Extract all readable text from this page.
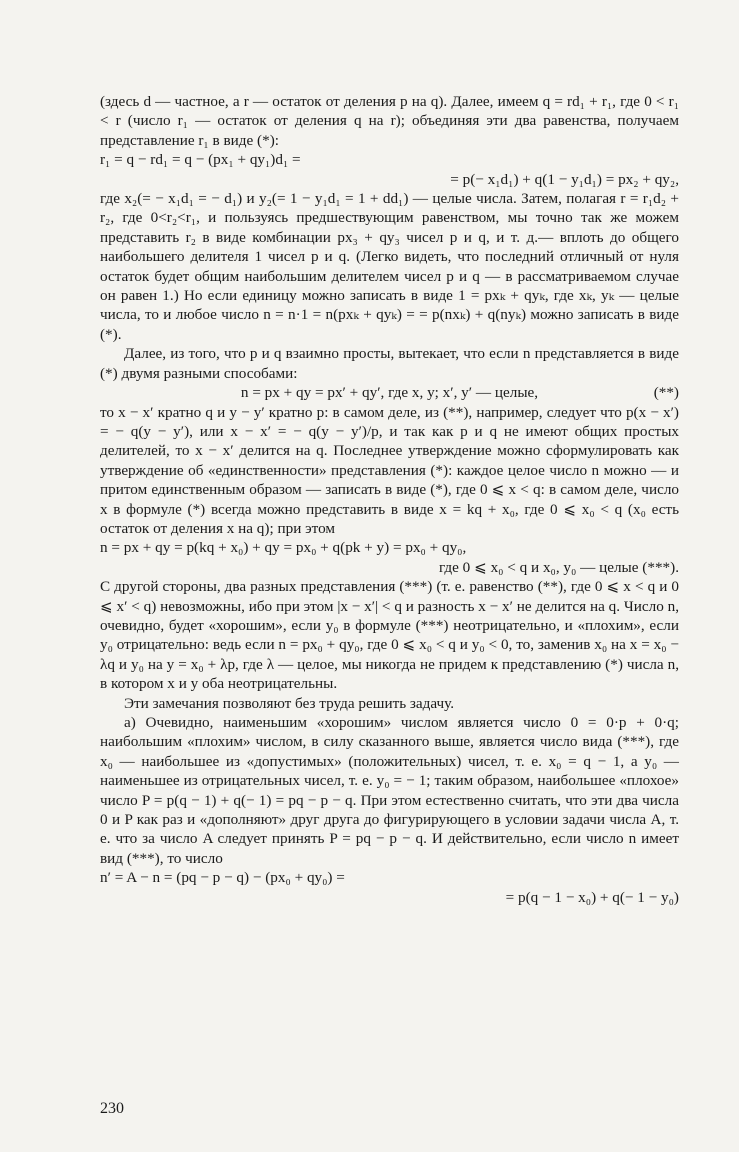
(здесь d — частное, а r — остаток от деления p на q). Далее, имеем q = rd₁ + r₁, где 0 < r₁ < r (число r₁ — остаток от деления q на r); объединяя эти два равенства, получаем представление r₁ в виде (*):

r₁ = q − rd₁ = q − (px₁ + qy₁)d₁ =
= p(− x₁d₁) + q(1 − y₁d₁) = px₂ + qy₂,

где x₂(= − x₁d₁ = − d₁) и y₂(= 1 − y₁d₁ = 1 + dd₁) — целые числа. Затем, полагая r = r₁d₂ + r₂, где 0<r₂<r₁, и пользуясь предшествующим равенством, мы точно так же можем представить r₂ в виде комбинации px₃ + qy₃ чисел p и q, и т. д.— вплоть до общего наибольшего делителя 1 чисел p и q. (Легко видеть, что последний отличный от нуля остаток будет общим наибольшим делителем чисел p и q — в рассматриваемом случае он равен 1.) Но если единицу можно записать в виде 1 = pxₖ + qyₖ, где xₖ, yₖ — целые числа, то и любое число n = n·1 = n(pxₖ + qyₖ) = = p(nxₖ) + q(nyₖ) можно записать в виде (*).

Далее, из того, что p и q взаимно просты, вытекает, что если n представляется в виде (*) двумя разными способами:

n = px + qy = px′ + qy′, где x, y; x′, y′ — целые,	(**)

то x − x′ кратно q и y − y′ кратно p: в самом деле, из (**), например, следует что p(x − x′) = − q(y − y′), или x − x′ = − q(y − y′)/p, и так как p и q не имеют общих простых делителей, то x − x′ делится на q. Последнее утверждение можно сформулировать как утверждение об «единственности» представления (*): каждое целое число n можно — и притом единственным образом — записать в виде (*), где 0 ⩽ x < q: в самом деле, число x в формуле (*) всегда можно представить в виде x = kq + x₀, где 0 ⩽ x₀ < q (x₀ есть остаток от деления x на q); при этом

n = px + qy = p(kq + x₀) + qy = px₀ + q(pk + y) = px₀ + qy₀,
где 0 ⩽ x₀ < q и x₀, y₀ — целые (***).

С другой стороны, два разных представления (***) (т. е. равенство (**), где 0 ⩽ x < q и 0 ⩽ x′ < q) невозможны, ибо при этом |x − x′| < q и разность x − x′ не делится на q. Число n, очевидно, будет «хорошим», если y₀ в формуле (***) неотрицательно, и «плохим», если y₀ отрицательно: ведь если n = px₀ + qy₀, где 0 ⩽ x₀ < q и y₀ < 0, то, заменив x₀ на x = x₀ − λq и y₀ на y = x₀ + λp, где λ — целое, мы никогда не придем к представлению (*) числа n, в котором x и y оба неотрицательны.

Эти замечания позволяют без труда решить задачу.

а) Очевидно, наименьшим «хорошим» числом является число 0 = 0·p + 0·q; наибольшим «плохим» числом, в силу сказанного выше, является число вида (***), где x₀ — наибольшее из «допустимых» (положительных) чисел, т. е. x₀ = q − 1, а y₀ — наименьшее из отрицательных чисел, т. е. y₀ = − 1; таким образом, наибольшее «плохое» число P = p(q − 1) + q(− 1) = pq − p − q. При этом естественно считать, что эти два числа 0 и P как раз и «дополняют» друг друга до фигурирующего в условии задачи числа A, т. е. что за число A следует принять P = pq − p − q. И действительно, если число n имеет вид (***), то число

n′ = A − n = (pq − p − q) − (px₀ + qy₀) =
= p(q − 1 − x₀) + q(− 1 − y₀)
230
